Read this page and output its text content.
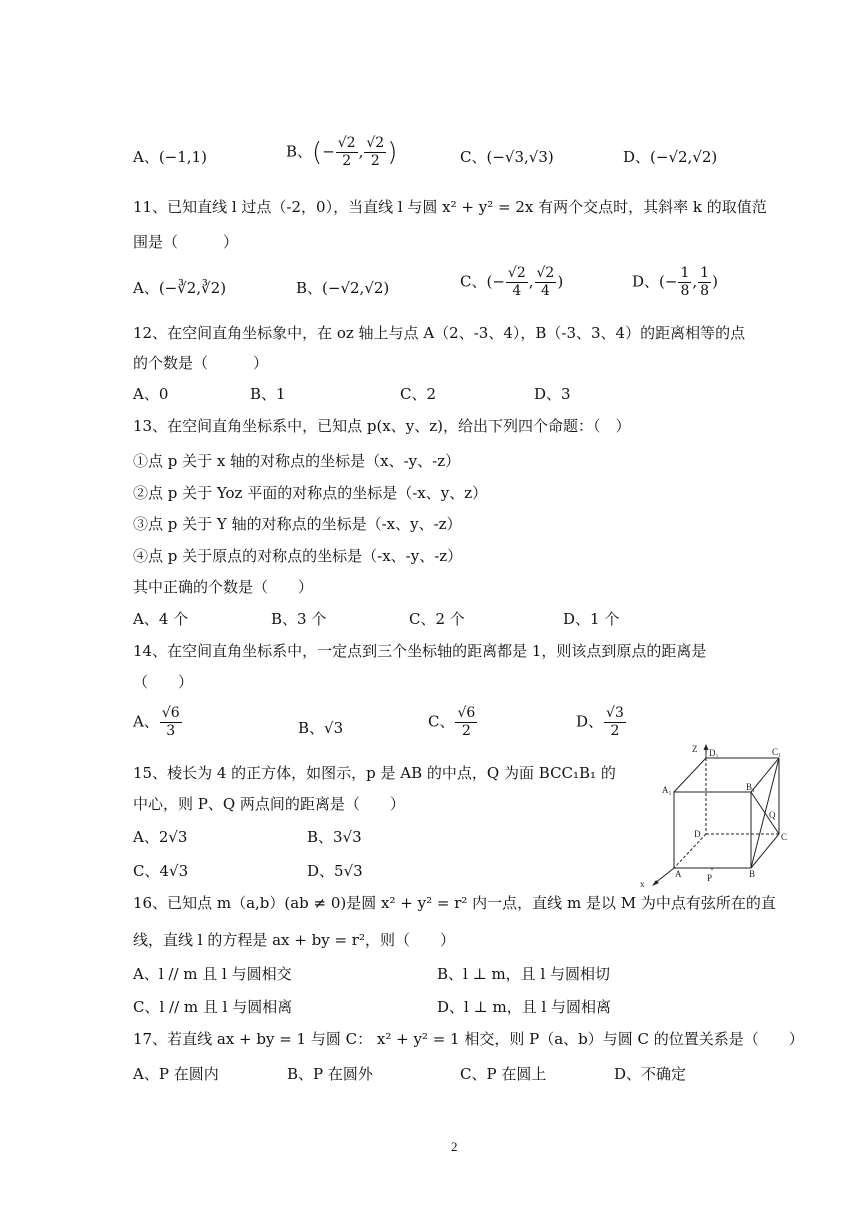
A、(−1,1)	B、(− $\frac{√2}{2}$ , $\frac{√2}{2}$ )	C、(−√3,√3)	D、(−√2,√2)
11、已知直线 l 过点（-2，0），当直线 l 与圆 x² + y² = 2x 有两个交点时，其斜率 k 的取值范
围是（　　　）
A、(−∛2,∛2)	B、(−√2,√2)	C、(− $\frac{√2}{4}$ , $\frac{√2}{4}$ )	D、(− $\frac{1}{8}$ , $\frac{1}{8}$ )
12、在空间直角坐标象中，在 oz 轴上与点 A（2、-3、4），B（-3、3、4）的距离相等的点
的个数是（　　　）
A、0	B、1	C、2	D、3
13、在空间直角坐标系中，已知点 p(x、y、z)，给出下列四个命题：（　）
①点 p 关于 x 轴的对称点的坐标是（x、-y、-z）
②点 p 关于 Yoz 平面的对称点的坐标是（-x、y、z）
③点 p 关于 Y 轴的对称点的坐标是（-x、y、-z）
④点 p 关于原点的对称点的坐标是（-x、-y、-z）
其中正确的个数是（　　）
A、4 个	B、3 个	C、2 个	D、1 个
14、在空间直角坐标系中，一定点到三个坐标轴的距离都是 1，则该点到原点的距离是
（　　）
A、 $\frac{√6}{3}$	B、√3	C、 $\frac{√6}{2}$	D、 $\frac{√3}{2}$
15、棱长为 4 的正方体，如图示，p 是 AB 的中点，Q 为面 BCC₁B₁ 的
中心，则 P、Q 两点间的距离是（　　）
A、2√3	B、3√3
C、4√3	D、5√3
Z D₁	C₁
A₁	B₁
Q
D	C
A	P	B
x
16、已知点 m（a,b）(ab ≠ 0)是圆 x² + y² = r² 内一点，直线 m 是以 M 为中点有弦所在的直
线，直线 l 的方程是 ax + by = r²，则（　　）
A、l // m 且 l 与圆相交	B、l ⊥ m，且 l 与圆相切
C、l // m 且 l 与圆相离	D、l ⊥ m，且 l 与圆相离
17、若直线 ax + by = 1 与圆 C： x² + y² = 1 相交，则 P（a、b）与圆 C 的位置关系是（　　）
A、P 在圆内	B、P 在圆外	C、P 在圆上	D、不确定
2
